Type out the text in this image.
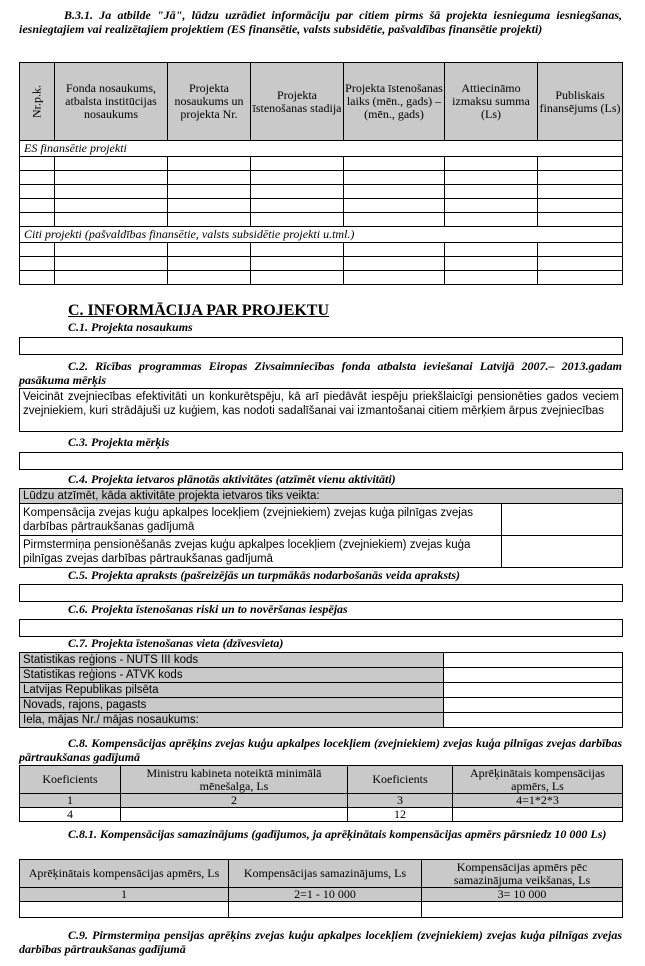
B.3.1. Ja atbilde "Jā", lūdzu uzrādiet informāciju par citiem pirms šā projekta iesnieguma iesniegšanas, iesniegtajiem vai realizētajiem projektiem (ES finansētie, valsts subsidētie, pašvaldības finansētie projekti)
Nr.p.k.	Fonda nosaukums, atbalsta institūcijas nosaukums	Projekta nosaukums un projekta Nr.	Projekta īstenošanas stadija	Projekta īstenošanas laiks (mēn., gads) – (mēn., gads)	Attiecināmo izmaksu summa (Ls)	Publiskais finansējums (Ls)
ES finansētie projekti						

Citi projekti (pašvaldības finansētie, valsts subsidētie projekti u.tml.)						

C. INFORMĀCIJA PAR PROJEKTU
C.1. Projekta nosaukums
C.2. Rīcības programmas Eiropas Zivsaimniecības fonda atbalsta ieviešanai Latvijā 2007.– 2013.gadam pasākuma mērķis
Veicināt zvejniecības efektivitāti un konkurētspēju, kā arī piedāvāt iespēju priekšlaicīgi pensionēties gados veciem zvejniekiem, kuri strādājuši uz kuģiem, kas nodoti sadalīšanai vai izmantošanai citiem mērķiem ārpus zvejniecības
C.3. Projekta mērķis
C.4. Projekta ietvaros plānotās aktivitātes (atzīmēt vienu aktivitāti)
Lūdzu atzīmēt, kāda aktivitāte projekta ietvaros tiks veikta:	
Kompensācija zvejas kuģu apkalpes locekļiem (zvejniekiem) zvejas kuģa pilnīgas zvejas darbības pārtraukšanas gadījumā	
Pirmstermiņa pensionēšanās zvejas kuģu apkalpes locekļiem (zvejniekiem) zvejas kuģa pilnīgas zvejas darbības pārtraukšanas gadījumā	
C.5. Projekta apraksts (pašreizējās un turpmākās nodarbošanās veida apraksts)
C.6. Projekta īstenošanas riski un to novēršanas iespējas
C.7. Projekta īstenošanas vieta (dzīvesvieta)
Statistikas reģions - NUTS III kods	
Statistikas reģions - ATVK kods	
Latvijas Republikas pilsēta	
Novads, rajons, pagasts	
Iela, mājas Nr./ mājas nosaukums:	
C.8. Kompensācijas aprēķins zvejas kuģu apkalpes locekļiem (zvejniekiem) zvejas kuģa pilnīgas zvejas darbības pārtraukšanas gadījumā
Koeficients	Ministru kabineta noteiktā minimālā mēnešalga, Ls	Koeficients	Aprēķinātais kompensācijas apmērs, Ls
1	2	3	4=1*2*3
4		12	
C.8.1. Kompensācijas samazinājums (gadījumos, ja aprēķinātais kompensācijas apmērs pārsniedz 10 000 Ls)
Aprēķinātais kompensācijas apmērs, Ls	Kompensācijas samazinājums, Ls	Kompensācijas apmērs pēc samazinājuma veikšanas, Ls
1	2=1 - 10 000	3= 10 000

C.9. Pirmstermiņa pensijas aprēķins zvejas kuģu apkalpes locekļiem (zvejniekiem) zvejas kuģa pilnīgas zvejas darbības pārtraukšanas gadījumā
